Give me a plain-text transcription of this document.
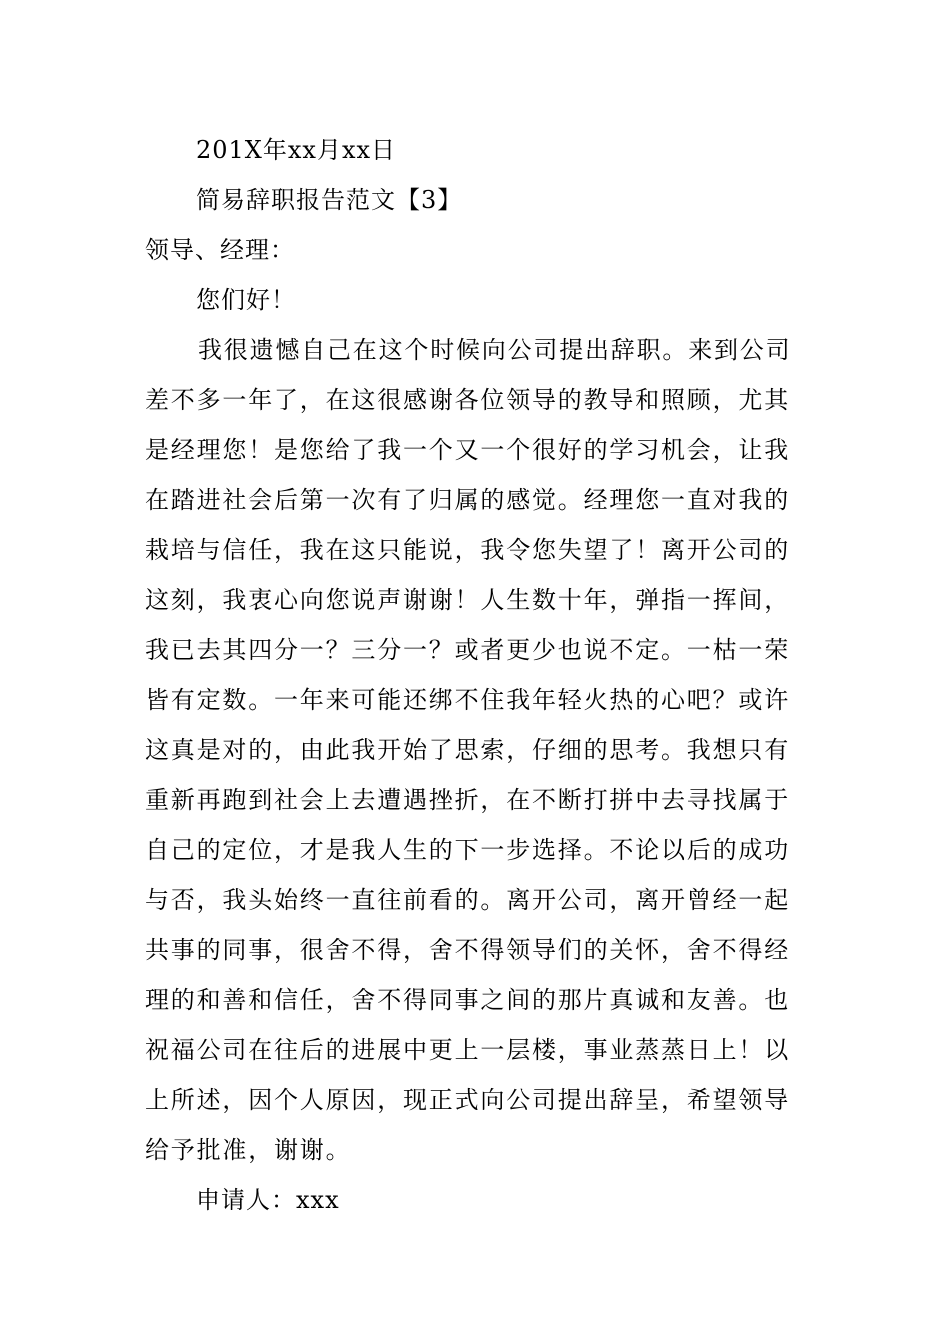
201X年xx月xx日
简易辞职报告范文【3】
领导、经理：
您们好！
我很遗憾自己在这个时候向公司提出辞职。来到公司
差不多一年了，在这很感谢各位领导的教导和照顾，尤其
是经理您！是您给了我一个又一个很好的学习机会，让我
在踏进社会后第一次有了归属的感觉。经理您一直对我的
栽培与信任，我在这只能说，我令您失望了！离开公司的
这刻，我衷心向您说声谢谢！人生数十年，弹指一挥间，
我已去其四分一？三分一？或者更少也说不定。一枯一荣
皆有定数。一年来可能还绑不住我年轻火热的心吧？或许
这真是对的，由此我开始了思索，仔细的思考。我想只有
重新再跑到社会上去遭遇挫折，在不断打拼中去寻找属于
自己的定位，才是我人生的下一步选择。不论以后的成功
与否，我头始终一直往前看的。离开公司，离开曾经一起
共事的同事，很舍不得，舍不得领导们的关怀，舍不得经
理的和善和信任，舍不得同事之间的那片真诚和友善。也
祝福公司在往后的进展中更上一层楼，事业蒸蒸日上！以
上所述，因个人原因，现正式向公司提出辞呈，希望领导
给予批准，谢谢。
申请人：xxx
